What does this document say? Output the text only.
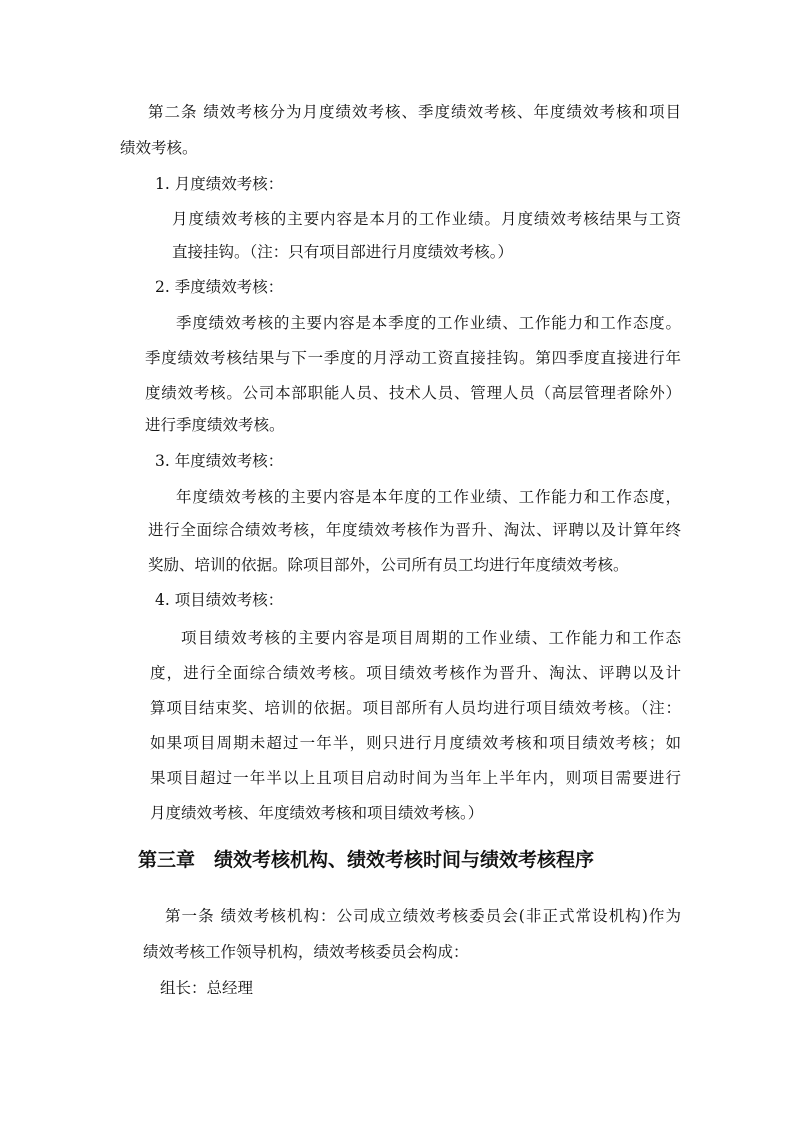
第二条 绩效考核分为月度绩效考核、季度绩效考核、年度绩效考核和项目
绩效考核。
1. 月度绩效考核：
月度绩效考核的主要内容是本月的工作业绩。月度绩效考核结果与工资
直接挂钩。（注：只有项目部进行月度绩效考核。）
2. 季度绩效考核：
季度绩效考核的主要内容是本季度的工作业绩、工作能力和工作态度。
季度绩效考核结果与下一季度的月浮动工资直接挂钩。第四季度直接进行年
度绩效考核。公司本部职能人员、技术人员、管理人员（高层管理者除外）
进行季度绩效考核。
3. 年度绩效考核：
年度绩效考核的主要内容是本年度的工作业绩、工作能力和工作态度，
进行全面综合绩效考核，年度绩效考核作为晋升、淘汰、评聘以及计算年终
奖励、培训的依据。除项目部外，公司所有员工均进行年度绩效考核。
4. 项目绩效考核：
项目绩效考核的主要内容是项目周期的工作业绩、工作能力和工作态
度，进行全面综合绩效考核。项目绩效考核作为晋升、淘汰、评聘以及计
算项目结束奖、培训的依据。项目部所有人员均进行项目绩效考核。（注：
如果项目周期未超过一年半，则只进行月度绩效考核和项目绩效考核；如
果项目超过一年半以上且项目启动时间为当年上半年内，则项目需要进行
月度绩效考核、年度绩效考核和项目绩效考核。）
第三章　绩效考核机构、绩效考核时间与绩效考核程序
第一条 绩效考核机构：公司成立绩效考核委员会(非正式常设机构)作为
绩效考核工作领导机构，绩效考核委员会构成：
组长：总经理
